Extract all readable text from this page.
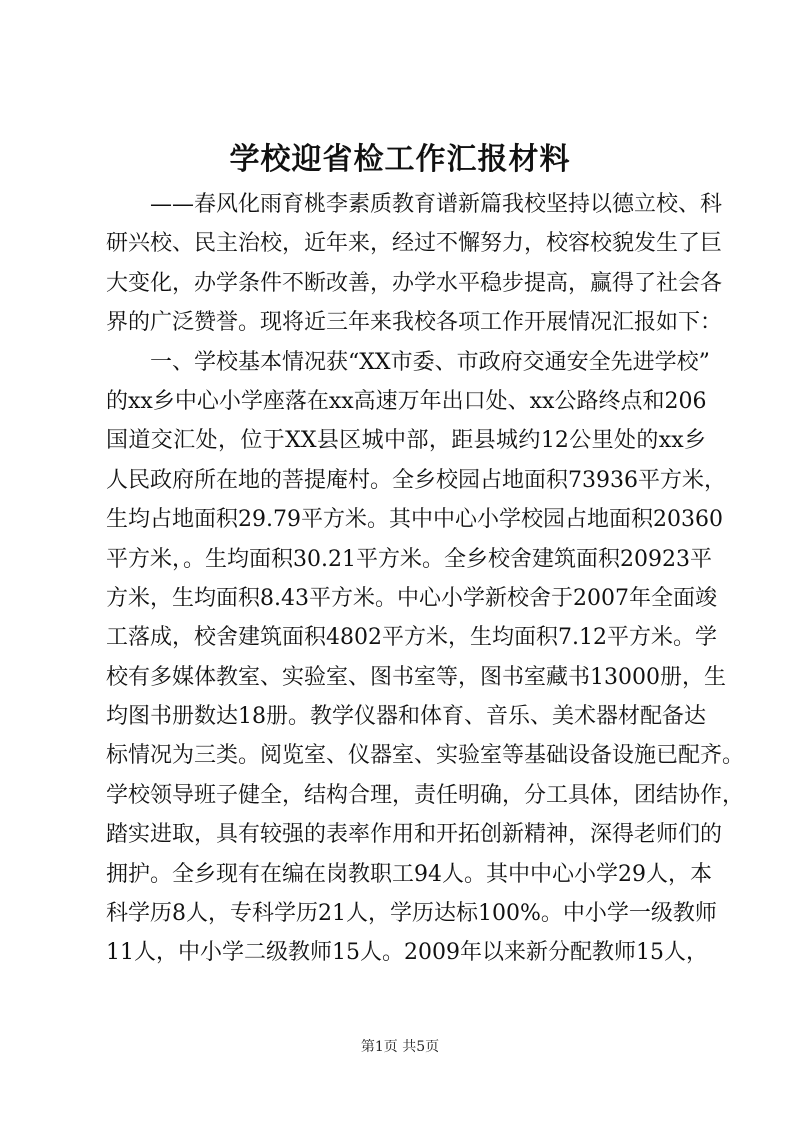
学校迎省检工作汇报材料
——春风化雨育桃李素质教育谱新篇我校坚持以德立校、科
研兴校、民主治校，近年来，经过不懈努力，校容校貌发生了巨
大变化，办学条件不断改善，办学水平稳步提高，赢得了社会各
界的广泛赞誉。现将近三年来我校各项工作开展情况汇报如下：
一、学校基本情况获“XX市委、市政府交通安全先进学校”
的xx乡中心小学座落在xx高速万年出口处、xx公路终点和206
国道交汇处，位于XX县区城中部，距县城约12公里处的xx乡
人民政府所在地的菩提庵村。全乡校园占地面积73936平方米，
生均占地面积29.79平方米。其中中心小学校园占地面积20360
平方米，。生均面积30.21平方米。全乡校舍建筑面积20923平
方米，生均面积8.43平方米。中心小学新校舍于2007年全面竣
工落成，校舍建筑面积4802平方米，生均面积7.12平方米。学
校有多媒体教室、实验室、图书室等，图书室藏书13000册，生
均图书册数达18册。教学仪器和体育、音乐、美术器材配备达
标情况为三类。阅览室、仪器室、实验室等基础设备设施已配齐。
学校领导班子健全，结构合理，责任明确，分工具体，团结协作，
踏实进取，具有较强的表率作用和开拓创新精神，深得老师们的
拥护。全乡现有在编在岗教职工94人。其中中心小学29人，本
科学历8人，专科学历21人，学历达标100%。中小学一级教师
11人，中小学二级教师15人。2009年以来新分配教师15人，
第1页 共5页
